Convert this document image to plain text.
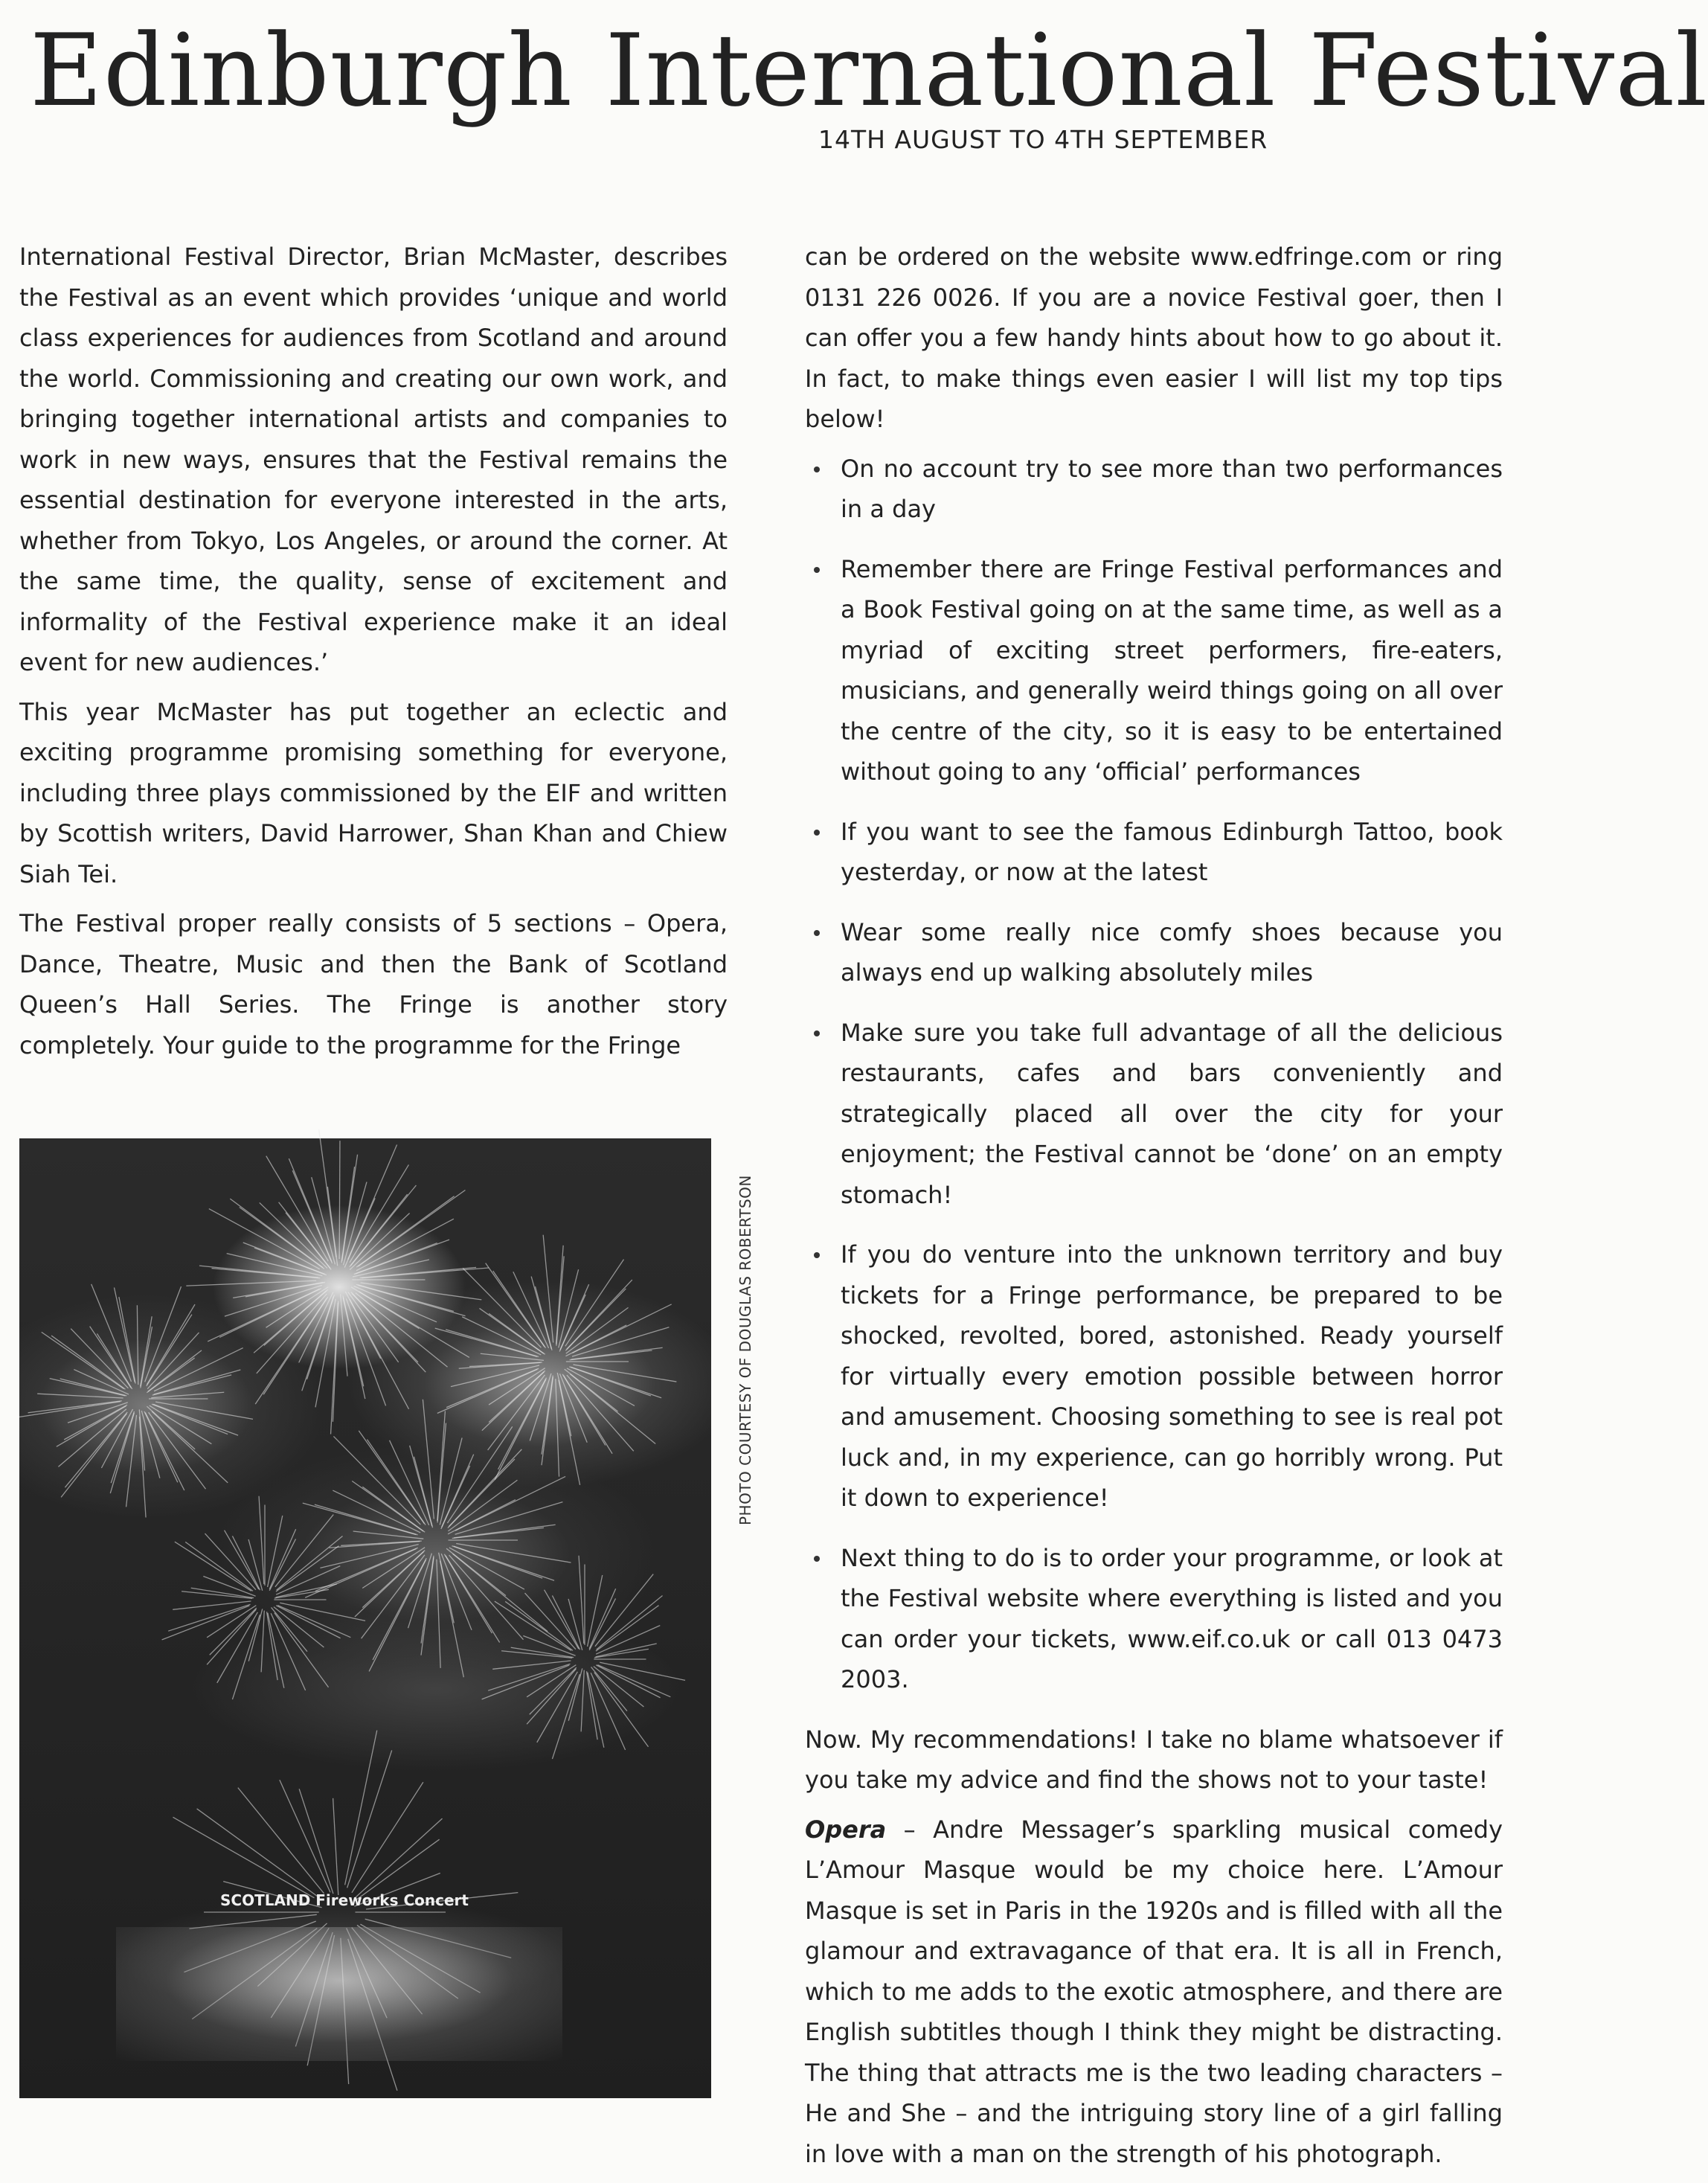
Edinburgh International Festival
14TH AUGUST TO 4TH SEPTEMBER

International Festival Director, Brian McMaster, describes the Festival as an event which provides ‘unique and world class experiences for audiences from Scotland and around the world. Commissioning and creating our own work, and bringing together international artists and companies to work in new ways, ensures that the Festival remains the essential destination for everyone interested in the arts, whether from Tokyo, Los Angeles, or around the corner. At the same time, the quality, sense of excitement and informality of the Festival experience make it an ideal event for new audiences.’

This year McMaster has put together an eclectic and exciting programme promising something for everyone, including three plays commissioned by the EIF and written by Scottish writers, David Harrower, Shan Khan and Chiew Siah Tei.

The Festival proper really consists of 5 sections – Opera, Dance, Theatre, Music and then the Bank of Scotland Queen’s Hall Series. The Fringe is another story completely. Your guide to the programme for the Fringe

SCOTLAND Fireworks Concert
PHOTO COURTESY OF DOUGLAS ROBERTSON

can be ordered on the website www.edfringe.com or ring 0131 226 0026. If you are a novice Festival goer, then I can offer you a few handy hints about how to go about it. In fact, to make things even easier I will list my top tips below!

On no account try to see more than two performances in a day
Remember there are Fringe Festival performances and a Book Festival going on at the same time, as well as a myriad of exciting street performers, fire-eaters, musicians, and generally weird things going on all over the centre of the city, so it is easy to be entertained without going to any ‘official’ performances
If you want to see the famous Edinburgh Tattoo, book yesterday, or now at the latest
Wear some really nice comfy shoes because you always end up walking absolutely miles
Make sure you take full advantage of all the delicious restaurants, cafes and bars conveniently and strategically placed all over the city for your enjoyment; the Festival cannot be ‘done’ on an empty stomach!
If you do venture into the unknown territory and buy tickets for a Fringe performance, be prepared to be shocked, revolted, bored, astonished. Ready yourself for virtually every emotion possible between horror and amusement. Choosing something to see is real pot luck and, in my experience, can go horribly wrong. Put it down to experience!
Next thing to do is to order your programme, or look at the Festival website where everything is listed and you can order your tickets, www.eif.co.uk or call 013 0473 2003.

Now. My recommendations! I take no blame whatsoever if you take my advice and find the shows not to your taste!

Opera – Andre Messager’s sparkling musical comedy L’Amour Masque would be my choice here. L’Amour Masque is set in Paris in the 1920s and is filled with all the glamour and extravagance of that era. It is all in French, which to me adds to the exotic atmosphere, and there are English subtitles though I think they might be distracting. The thing that attracts me is the two leading characters – He and She – and the intriguing story line of a girl falling in love with a man on the strength of his photograph.
